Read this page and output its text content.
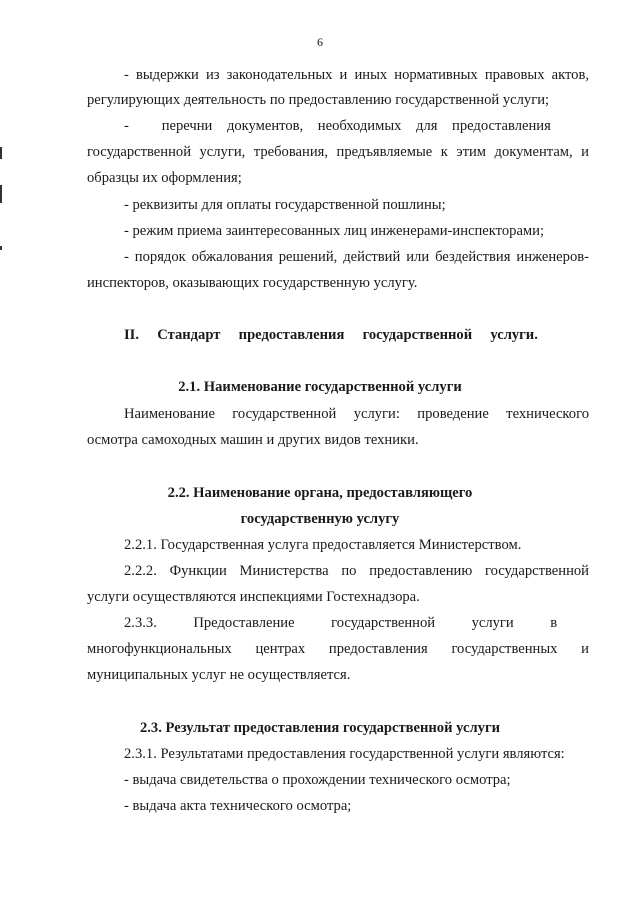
6
- выдержки из законодательных и иных нормативных правовых актов,
регулирующих деятельность по предоставлению государственной услуги;
-         перечни    документов,    необходимых    для    предоставления
государственной услуги, требования, предъявляемые к этим документам, и
образцы их оформления;
- реквизиты для оплаты государственной пошлины;
- режим приема заинтересованных лиц инженерами-инспекторами;
- порядок обжалования решений, действий или бездействия инженеров-
инспекторов, оказывающих государственную услугу.
II.     Стандарт     предоставления     государственной     услуги.
2.1. Наименование государственной услуги
Наименование государственной услуги: проведение технического
осмотра самоходных машин и других видов техники.
2.2. Наименование органа, предоставляющего
государственную услугу
2.2.1. Государственная услуга предоставляется Министерством.
2.2.2. Функции Министерства по предоставлению государственной
услуги осуществляются инспекциями Гостехнадзора.
2.3.3.          Предоставление          государственной          услуги          в
многофункциональных центрах предоставления государственных и
муниципальных услуг не осуществляется.
2.3. Результат предоставления государственной услуги
2.3.1. Результатами предоставления государственной услуги являются:
- выдача свидетельства о прохождении технического осмотра;
- выдача акта технического осмотра;
